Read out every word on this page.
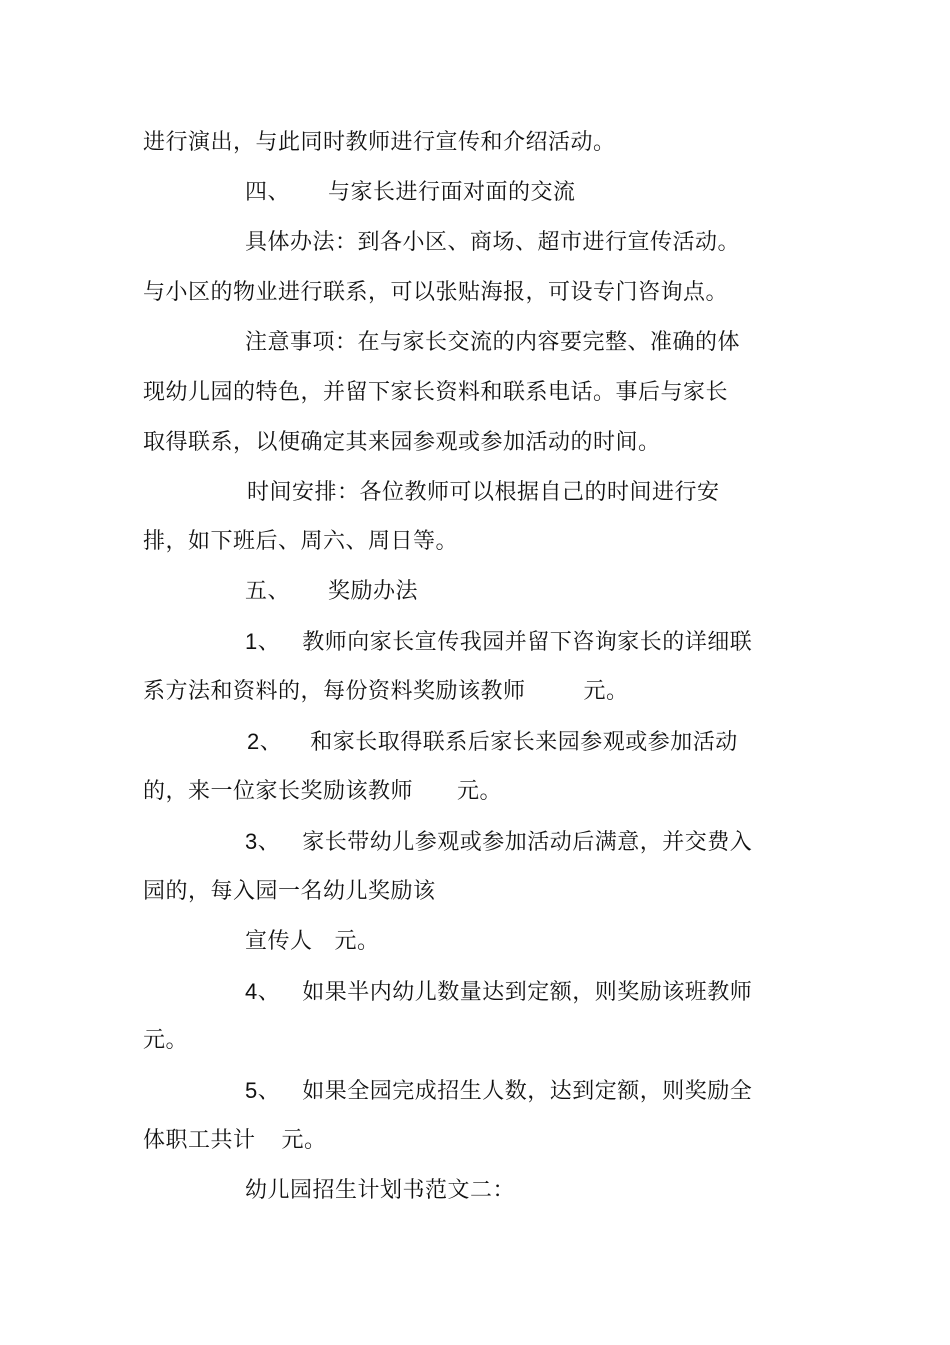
进行演出，与此同时教师进行宣传和介绍活动。
四、 与家长进行面对面的交流
具体办法：到各小区、商场、超市进行宣传活动。
与小区的物业进行联系，可以张贴海报，可设专门咨询点。
注意事项：在与家长交流的内容要完整、准确的体
现幼儿园的特色，并留下家长资料和联系电话。事后与家长
取得联系，以便确定其来园参观或参加活动的时间。
时间安排：各位教师可以根据自己的时间进行安
排，如下班后、周六、周日等。
五、 奖励办法
1、 教师向家长宣传我园并留下咨询家长的详细联
系方法和资料的，每份资料奖励该教师	元。
2、 和家长取得联系后家长来园参观或参加活动
的，来一位家长奖励该教师 元。
3、 家长带幼儿参观或参加活动后满意，并交费入
园的，每入园一名幼儿奖励该
宣传人 元。
4、 如果半内幼儿数量达到定额，则奖励该班教师
元。
5、 如果全园完成招生人数，达到定额，则奖励全
体职工共计 元。
幼儿园招生计划书范文二：
